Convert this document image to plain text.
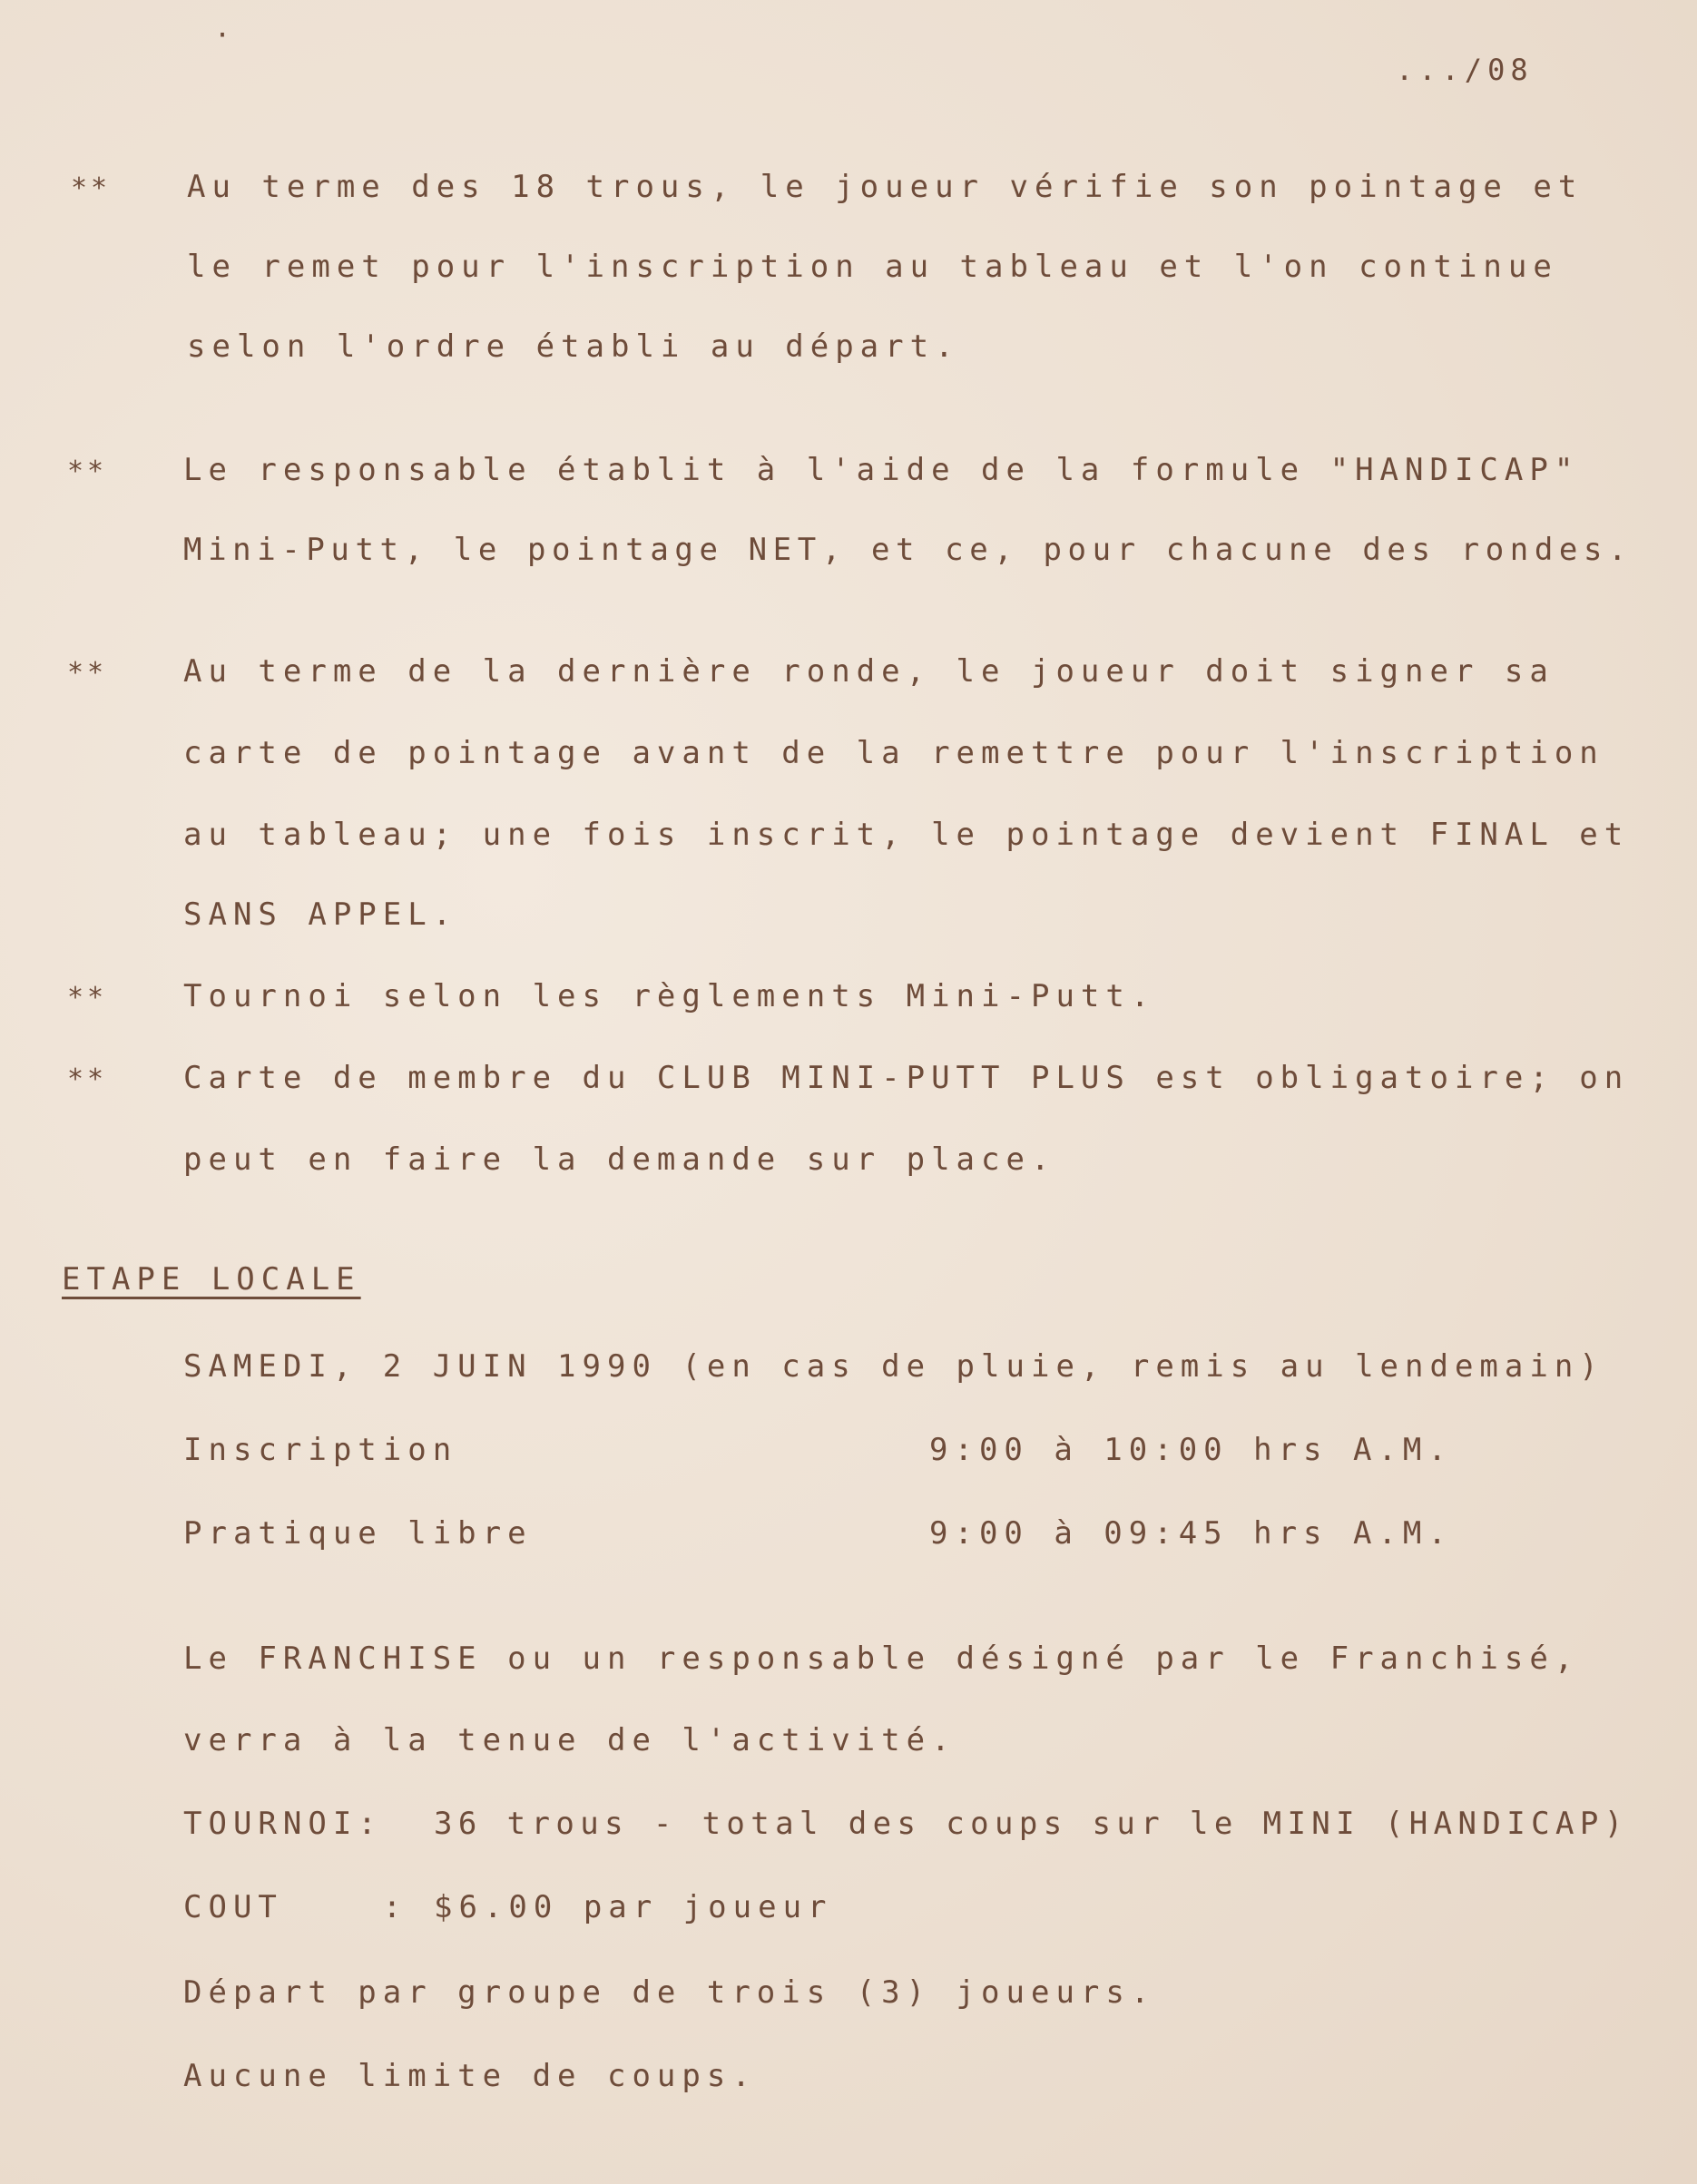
·
.../08
** Au terme des 18 trous, le joueur vérifie son pointage et
le remet pour l'inscription au tableau et l'on continue
selon l'ordre établi au départ.
** Le responsable établit à l'aide de la formule "HANDICAP"
Mini-Putt, le pointage NET, et ce, pour chacune des rondes.
** Au terme de la dernière ronde, le joueur doit signer sa
carte de pointage avant de la remettre pour l'inscription
au tableau; une fois inscrit, le pointage devient FINAL et
SANS APPEL.
** Tournoi selon les règlements Mini-Putt.
** Carte de membre du CLUB MINI-PUTT PLUS est obligatoire; on
peut en faire la demande sur place.
ETAPE LOCALE
SAMEDI, 2 JUIN 1990 (en cas de pluie, remis au lendemain)
Inscription	9:00 à 10:00 hrs A.M.
Pratique libre	9:00 à 09:45 hrs A.M.
Le FRANCHISE ou un responsable désigné par le Franchisé,
verra à la tenue de l'activité.
TOURNOI: 36 trous - total des coups sur le MINI (HANDICAP)
COUT    : $6.00 par joueur
Départ par groupe de trois (3) joueurs.
Aucune limite de coups.
